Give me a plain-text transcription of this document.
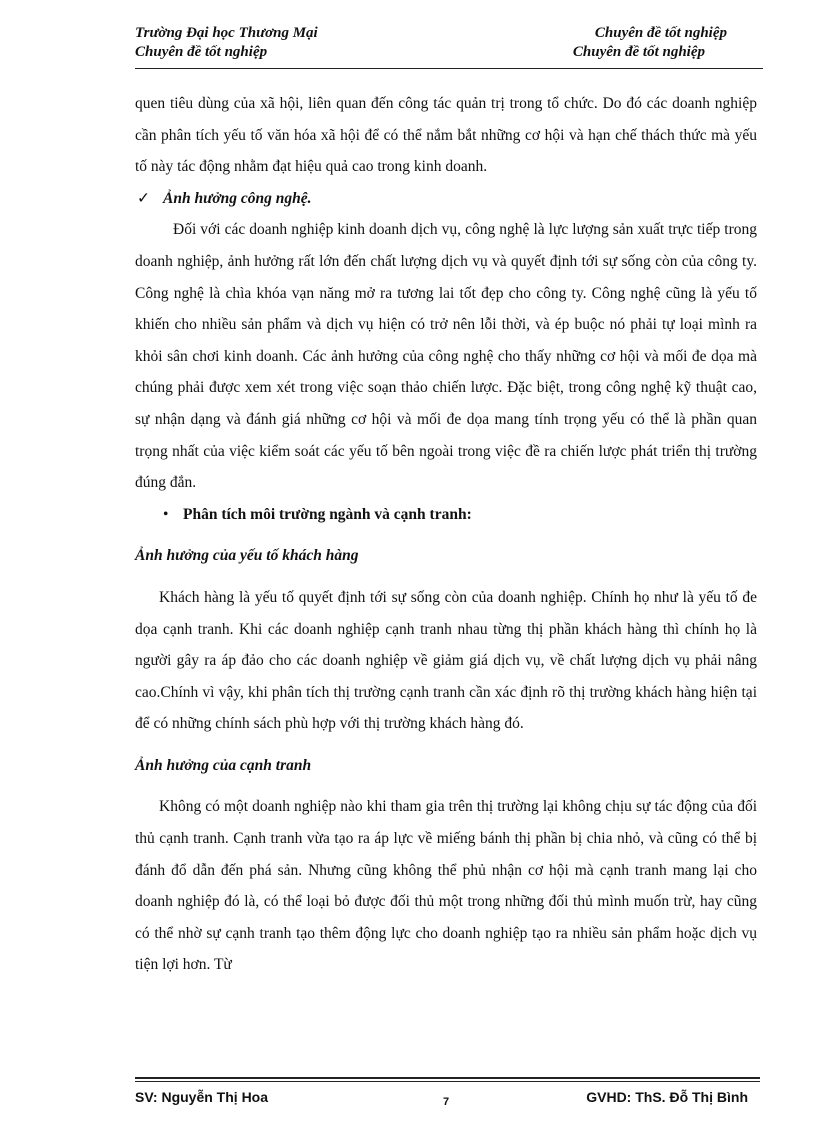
Trường Đại học Thương Mại	Chuyên đề tốt nghiệp
Chuyên đề tốt nghiệp	Chuyên đề tốt nghiệp

quen tiêu dùng của xã hội, liên quan đến công tác quản trị trong tổ chức. Do đó các doanh nghiệp cần phân tích yếu tố văn hóa xã hội để có thể nắm bắt những cơ hội và hạn chế thách thức mà yếu tố này tác động nhằm đạt hiệu quả cao trong kinh doanh.

✓ Ảnh hưởng công nghệ.

Đối với các doanh nghiệp kinh doanh dịch vụ, công nghệ là lực lượng sản xuất trực tiếp trong doanh nghiệp, ảnh hưởng rất lớn đến chất lượng dịch vụ và quyết định tới sự sống còn của công ty. Công nghệ là chìa khóa vạn năng mở ra tương lai tốt đẹp cho công ty. Công nghệ cũng là yếu tố khiến cho nhiều sản phẩm và dịch vụ hiện có trở nên lỗi thời, và ép buộc nó phải tự loại mình ra khỏi sân chơi kinh doanh. Các ảnh hưởng của công nghệ cho thấy những cơ hội và mối đe dọa mà chúng phải được xem xét trong việc soạn thảo chiến lược. Đặc biệt, trong công nghệ kỹ thuật cao, sự nhận dạng và đánh giá những cơ hội và mối đe dọa mang tính trọng yếu có thể là phần quan trọng nhất của việc kiểm soát các yếu tố bên ngoài trong việc đề ra chiến lược phát triển thị trường đúng đắn.

• Phân tích môi trường ngành và cạnh tranh:

Ảnh hưởng của yếu tố khách hàng

Khách hàng là yếu tố quyết định tới sự sống còn của doanh nghiệp. Chính họ như là yếu tố đe dọa cạnh tranh. Khi các doanh nghiệp cạnh tranh nhau từng thị phần khách hàng thì chính họ là người gây ra áp đảo cho các doanh nghiệp về giảm giá dịch vụ, về chất lượng dịch vụ phải nâng cao.Chính vì vậy, khi phân tích thị trường cạnh tranh cần xác định rõ thị trường khách hàng hiện tại để có những chính sách phù hợp với thị trường khách hàng đó.

Ảnh hưởng của cạnh tranh

Không có một doanh nghiệp nào khi tham gia trên thị trường lại không chịu sự tác động của đối thủ cạnh tranh. Cạnh tranh vừa tạo ra áp lực về miếng bánh thị phần bị chia nhỏ, và cũng có thể bị đánh đổ dẫn đến phá sản. Nhưng cũng không thể phủ nhận cơ hội mà cạnh tranh mang lại cho doanh nghiệp đó là, có thể loại bỏ được đối thủ một trong những đối thủ mình muốn trừ, hay cũng có thể nhờ sự cạnh tranh tạo thêm động lực cho doanh nghiệp tạo ra nhiều sản phẩm hoặc dịch vụ tiện lợi hơn. Từ

SV: Nguyễn Thị Hoa	GVHD: ThS. Đỗ Thị Bình
7
